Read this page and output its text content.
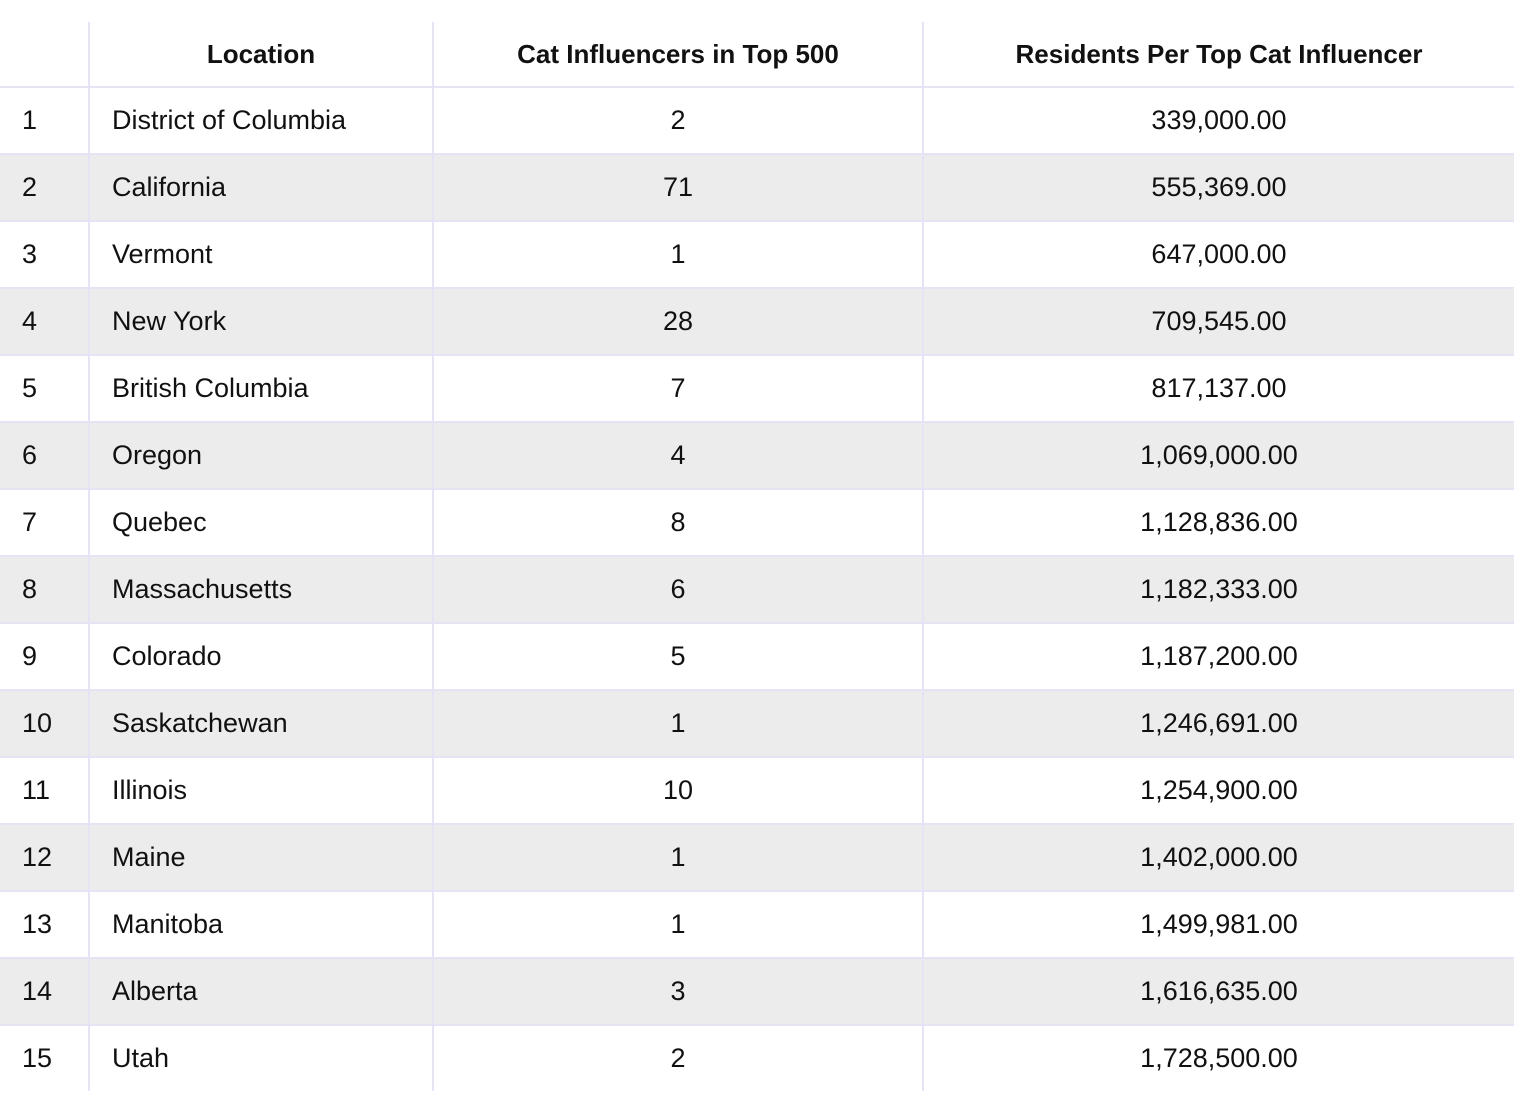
	Location	Cat Influencers in Top 500	Residents Per Top Cat Influencer
1	District of Columbia	2	339,000.00
2	California	71	555,369.00
3	Vermont	1	647,000.00
4	New York	28	709,545.00
5	British Columbia	7	817,137.00
6	Oregon	4	1,069,000.00
7	Quebec	8	1,128,836.00
8	Massachusetts	6	1,182,333.00
9	Colorado	5	1,187,200.00
10	Saskatchewan	1	1,246,691.00
11	Illinois	10	1,254,900.00
12	Maine	1	1,402,000.00
13	Manitoba	1	1,499,981.00
14	Alberta	3	1,616,635.00
15	Utah	2	1,728,500.00
